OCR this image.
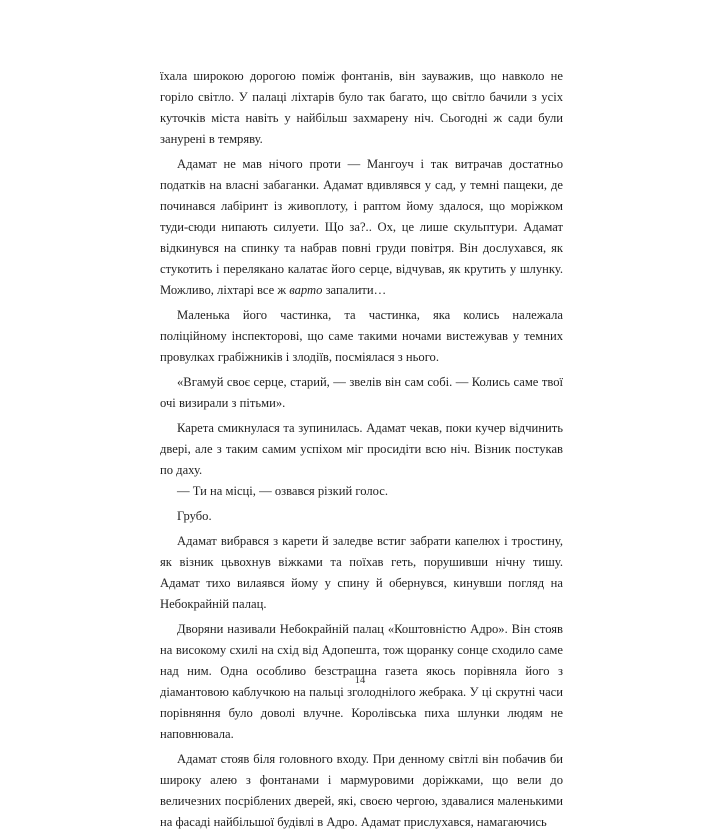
їхала широкою дорогою поміж фонтанів, він зауважив, що навколо не горіло світло. У палаці ліхтарів було так багато, що світло бачили з усіх куточків міста навіть у найбільш захмарену ніч. Сьогодні ж сади були занурені в темряву.

Адамат не мав нічого проти — Мангоуч і так витрачав достатньо податків на власні забаганки. Адамат вдивлявся у сад, у темні пащеки, де починався лабіринт із живоплоту, і раптом йому здалося, що моріжком туди-сюди нипають силуети. Що за?.. Ох, це лише скульптури. Адамат відкинувся на спинку та набрав повні груди повітря. Він дослухався, як стукотить і перелякано калатає його серце, відчував, як крутить у шлунку. Можливо, ліхтарі все ж варто запалити…

Маленька його частинка, та частинка, яка колись належала поліційному інспекторові, що саме такими ночами вистежував у темних провулках грабіжників і злодіїв, посміялася з нього.

«Вгамуй своє серце, старий, — звелів він сам собі. — Колись саме твої очі визирали з пітьми».

Карета смикнулася та зупинилась. Адамат чекав, поки кучер відчинить двері, але з таким самим успіхом міг просидіти всю ніч. Візник постукав по даху.

— Ти на місці, — озвався різкий голос.

Грубо.

Адамат вибрався з карети й заледве встиг забрати капелюх і тростину, як візник цьвохнув віжками та поїхав геть, порушивши нічну тишу. Адамат тихо вилаявся йому у спину й обернувся, кинувши погляд на Небокрайній палац.

Дворяни називали Небокрайній палац «Коштовністю Адро». Він стояв на високому схилі на схід від Адопешта, тож щоранку сонце сходило саме над ним. Одна особливо безстрашна газета якось порівняла його з діамантовою каблучкою на пальці зголоднілого жебрака. У ці скрутні часи порівняння було доволі влучне. Королівська пиха шлунки людям не наповнювала.

Адамат стояв біля головного входу. При денному світлі він побачив би широку алею з фонтанами і мармуровими доріжками, що вели до величезних посріблених дверей, які, своєю чергою, здавалися маленькими на фасаді найбільшої будівлі в Адро. Адамат прислухався, намагаючись

14
